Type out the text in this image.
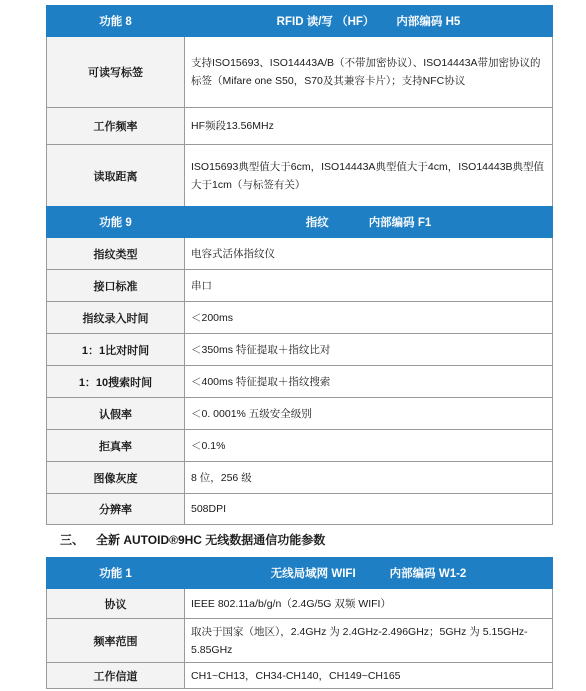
功能 8	RFID 读/写 （HF） 内部编码 H5
可读写标签	支持ISO15693、ISO14443A/B（不带加密协议）、ISO14443A带加密协议的标签（Mifare one S50，S70及其兼容卡片）；支持NFC协议
工作频率	HF频段13.56MHz
读取距离	ISO15693典型值大于6cm，ISO14443A典型值大于4cm，ISO14443B典型值大于1cm（与标签有关）
功能 9	指纹 内部编码 F1
指纹类型	电容式活体指纹仪
接口标准	串口
指纹录入时间	＜200ms
1：1比对时间	＜350ms 特征提取＋指纹比对
1：10搜索时间	＜400ms 特征提取＋指纹搜索
认假率	＜0. 0001% 五级安全级别
拒真率	＜0.1%
图像灰度	8 位，256 级
分辨率	508DPI
三、 全新 AUTOID®9HC 无线数据通信功能参数
功能 1	无线局域网 WIFI 内部编码 W1-2
协议	IEEE 802.11a/b/g/n（2.4G/5G 双频 WIFI）
频率范围	取决于国家（地区），2.4GHz 为 2.4GHz-2.496GHz；5GHz 为 5.15GHz-5.85GHz
工作信道	CH1~CH13，CH34-CH140，CH149~CH165
